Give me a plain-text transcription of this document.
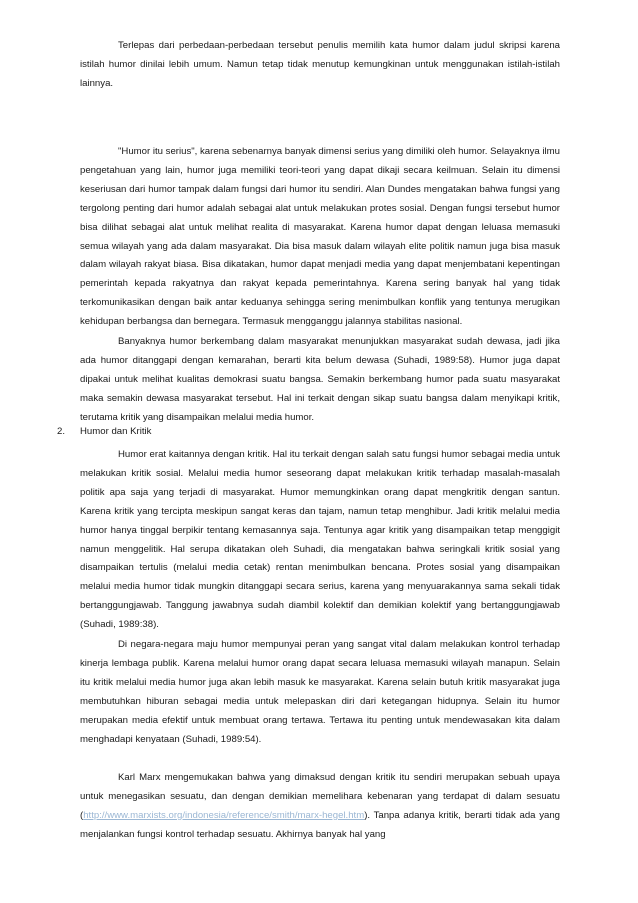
Terlepas dari perbedaan-perbedaan tersebut penulis memilih kata humor dalam judul skripsi karena istilah humor dinilai lebih umum. Namun tetap tidak menutup kemungkinan untuk menggunakan istilah-istilah lainnya.

"Humor itu serius", karena sebenarnya banyak dimensi serius yang dimiliki oleh humor. Selayaknya ilmu pengetahuan yang lain, humor juga memiliki teori-teori yang dapat dikaji secara keilmuan. Selain itu dimensi keseriusan dari humor tampak dalam fungsi dari humor itu sendiri. Alan Dundes mengatakan bahwa fungsi yang tergolong penting dari humor adalah sebagai alat untuk melakukan protes sosial. Dengan fungsi tersebut humor bisa dilihat sebagai alat untuk melihat realita di masyarakat. Karena humor dapat dengan leluasa memasuki semua wilayah yang ada dalam masyarakat. Dia bisa masuk dalam wilayah elite politik namun juga bisa masuk dalam wilayah rakyat biasa. Bisa dikatakan, humor dapat menjadi media yang dapat menjembatani kepentingan pemerintah kepada rakyatnya dan rakyat kepada pemerintahnya. Karena sering banyak hal yang tidak terkomunikasikan dengan baik antar keduanya sehingga sering menimbulkan konflik yang tentunya merugikan kehidupan berbangsa dan bernegara. Termasuk mengganggu jalannya stabilitas nasional.

Banyaknya humor berkembang dalam masyarakat menunjukkan masyarakat sudah dewasa, jadi jika ada humor ditanggapi dengan kemarahan, berarti kita belum dewasa (Suhadi, 1989:58). Humor juga dapat dipakai untuk melihat kualitas demokrasi suatu bangsa. Semakin berkembang humor pada suatu masyarakat maka semakin dewasa masyarakat tersebut. Hal ini terkait dengan sikap suatu bangsa dalam menyikapi kritik, terutama kritik yang disampaikan melalui media humor.

2. Humor dan Kritik

Humor erat kaitannya dengan kritik. Hal itu terkait dengan salah satu fungsi humor sebagai media untuk melakukan kritik sosial. Melalui media humor seseorang dapat melakukan kritik terhadap masalah-masalah politik apa saja yang terjadi di masyarakat. Humor memungkinkan orang dapat mengkritik dengan santun. Karena kritik yang tercipta meskipun sangat keras dan tajam, namun tetap menghibur. Jadi kritik melalui media humor hanya tinggal berpikir tentang kemasannya saja. Tentunya agar kritik yang disampaikan tetap menggigit namun menggelitik. Hal serupa dikatakan oleh Suhadi, dia mengatakan bahwa seringkali kritik sosial yang disampaikan tertulis (melalui media cetak) rentan menimbulkan bencana. Protes sosial yang disampaikan melalui media humor tidak mungkin ditanggapi secara serius, karena yang menyuarakannya sama sekali tidak bertanggungjawab. Tanggung jawabnya sudah diambil kolektif dan demikian kolektif yang bertanggungjawab (Suhadi, 1989:38).

Di negara-negara maju humor mempunyai peran yang sangat vital dalam melakukan kontrol terhadap kinerja lembaga publik. Karena melalui humor orang dapat secara leluasa memasuki wilayah manapun. Selain itu kritik melalui media humor juga akan lebih masuk ke masyarakat. Karena selain butuh kritik masyarakat juga membutuhkan hiburan sebagai media untuk melepaskan diri dari ketegangan hidupnya. Selain itu humor merupakan media efektif untuk membuat orang tertawa. Tertawa itu penting untuk mendewasakan kita dalam menghadapi kenyataan (Suhadi, 1989:54).

Karl Marx mengemukakan bahwa yang dimaksud dengan kritik itu sendiri merupakan sebuah upaya untuk menegasikan sesuatu, dan dengan demikian memelihara kebenaran yang terdapat di dalam sesuatu (http://www.marxists.org/indonesia/reference/smith/marx-hegel.htm). Tanpa adanya kritik, berarti tidak ada yang menjalankan fungsi kontrol terhadap sesuatu. Akhirnya banyak hal yang
